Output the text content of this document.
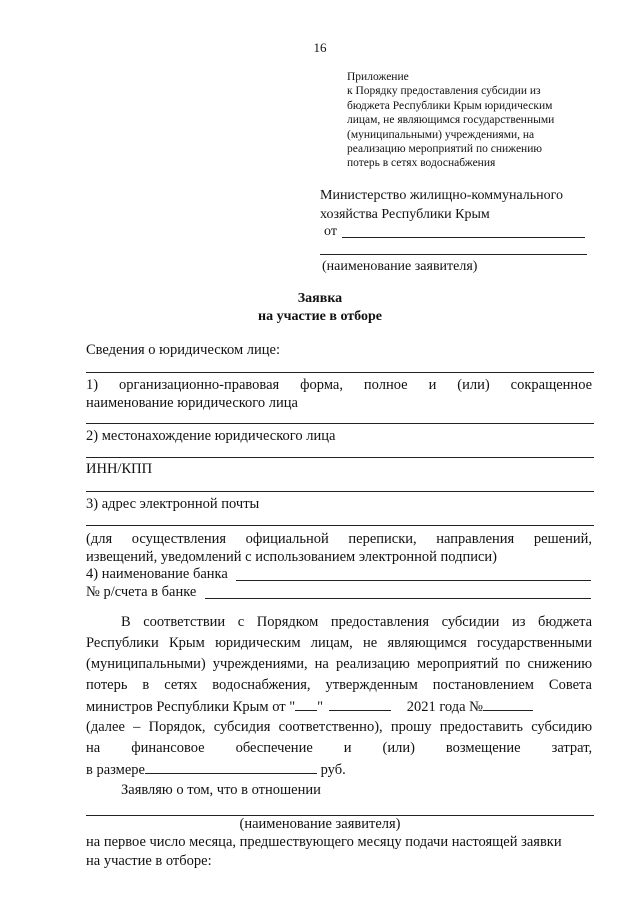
16
Приложение
к Порядку предоставления субсидии из
бюджета Республики Крым юридическим
лицам, не являющимся государственными
(муниципальными) учреждениями, на
реализацию мероприятий по снижению
потерь в сетях водоснабжения
Министерство жилищно-коммунального
хозяйства Республики Крым
от
(наименование заявителя)
Заявка
на участие в отборе
Сведения о юридическом лице:
1) организационно-правовая форма, полное и (или) сокращенное
наименование юридического лица
2) местонахождение юридического лица
ИНН/КПП
3) адрес электронной почты
(для осуществления официальной переписки, направления решений,
извещений, уведомлений с использованием электронной подписи)
4) наименование банка
№ р/счета в банке
В соответствии с Порядком предоставления субсидии из бюджета
Республики Крым юридическим лицам, не являющимся государственными
(муниципальными) учреждениями, на реализацию мероприятий по снижению
потерь в сетях водоснабжения, утвержденным постановлением Совета
министров Республики Крым от " "	2021 года №
(далее – Порядок, субсидия соответственно), прошу предоставить субсидию
на финансовое обеспечение и (или) возмещение затрат,
в размере	руб.
Заявляю о том, что в отношении
(наименование заявителя)
на первое число месяца, предшествующего месяцу подачи настоящей заявки
на участие в отборе:
